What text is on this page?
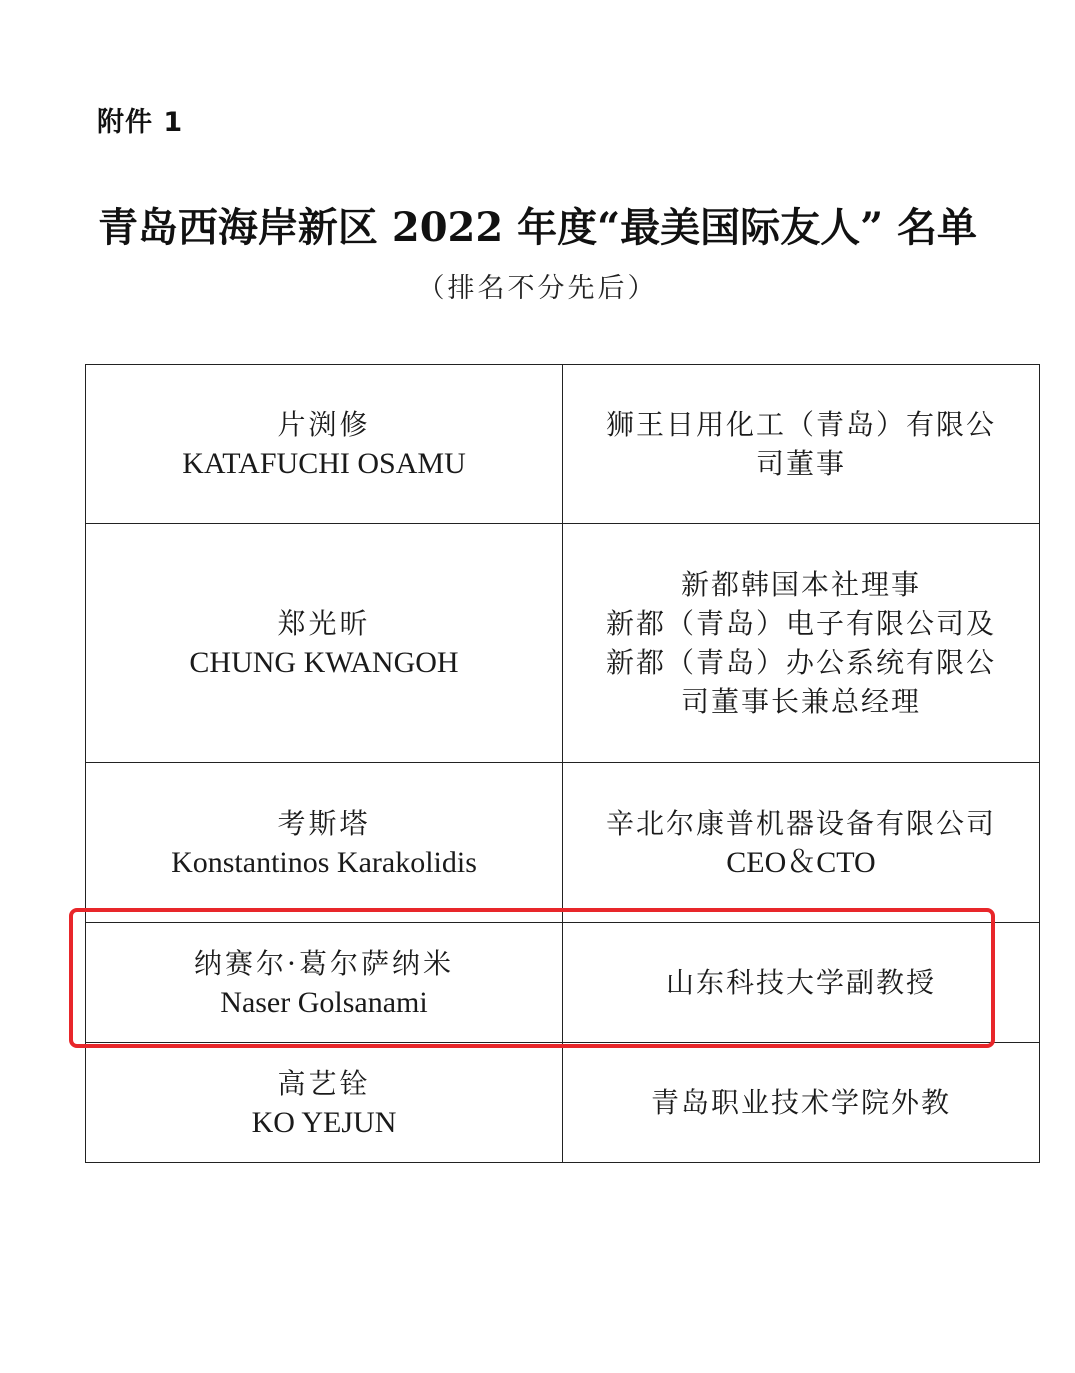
附件 1
青岛西海岸新区 2022 年度“最美国际友人” 名单
（排名不分先后）
片渕修
KATAFUCHI OSAMU	狮王日用化工（青岛）有限公
司董事

郑光昕
CHUNG KWANGOH	新都韩国本社理事
新都（青岛）电子有限公司及
新都（青岛）办公系统有限公
司董事长兼总经理

考斯塔
Konstantinos Karakolidis	辛北尔康普机器设备有限公司
CEO＆CTO

纳赛尔·葛尔萨纳米
Naser Golsanami	山东科技大学副教授

高艺铨
KO YEJUN	青岛职业技术学院外教
